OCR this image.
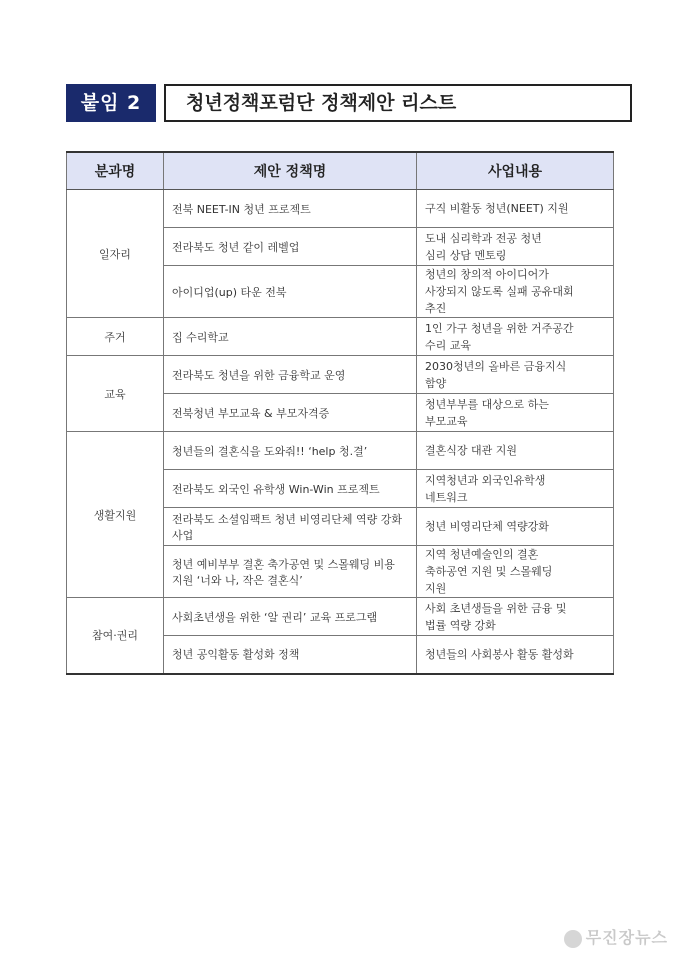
붙임 2	청년정책포럼단 정책제안 리스트
분과명	제안 정책명	사업내용
일자리	전북 NEET-IN 청년 프로젝트	구직 비활동 청년(NEET) 지원

	전라북도 청년 같이 레벨업	도내 심리학과 전공 청년
심리 상담 멘토링

	아이디업(up) 타운 전북	청년의 창의적 아이디어가
사장되지 않도록 실패 공유대회
추진

주거	집 수리학교	1인 가구 청년을 위한 거주공간
수리 교육

교육	전라북도 청년을 위한 금융학교 운영	2030청년의 올바른 금융지식
함양

	전북청년 부모교육 & 부모자격증	청년부부를 대상으로 하는
부모교육

생활지원	청년들의 결혼식을 도와줘!! ‘help 청.결’	결혼식장 대관 지원

	전라북도 외국인 유학생 Win-Win 프로젝트	지역청년과 외국인유학생
네트워크

	전라북도 소셜임팩트 청년 비영리단체 역량 강화 사업	청년 비영리단체 역량강화

	청년 예비부부 결혼 축가공연 및 스몰웨딩 비용 지원 ‘너와 나, 작은 결혼식’	지역 청년예술인의 결혼
축하공연 지원 및 스몰웨딩
지원

참여·권리	사회초년생을 위한 ‘알 권리’ 교육 프로그램	사회 초년생들을 위한 금융 및
법률 역량 강화

	청년 공익활동 활성화 정책	청년들의 사회봉사 활동 활성화
무진장뉴스
